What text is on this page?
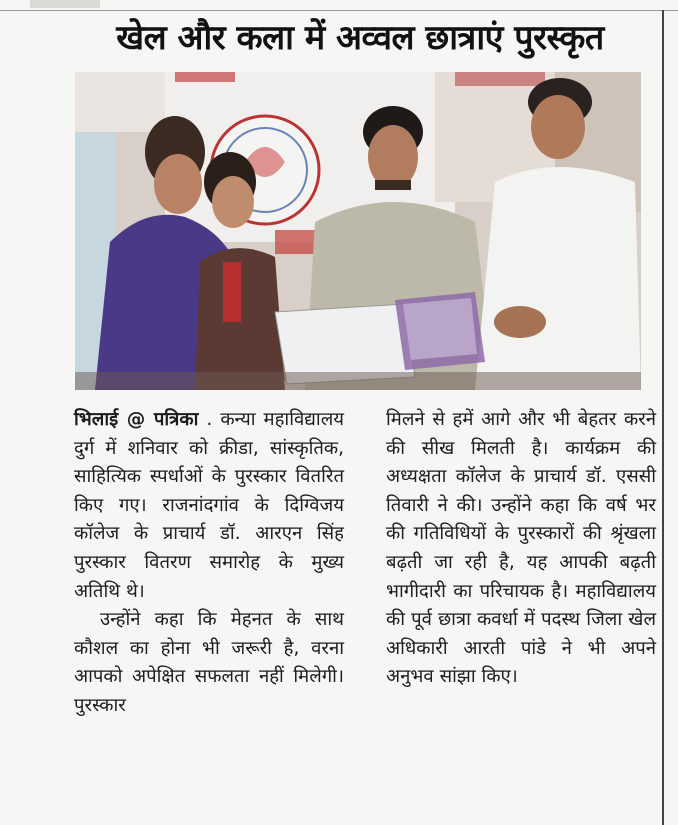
खेल और कला में अव्वल छात्राएं पुरस्कृत

भिलाई @ पत्रिका . कन्या महाविद्यालय दुर्ग में शनिवार को क्रीडा, सांस्कृतिक, साहित्यिक स्पर्धाओं के पुरस्कार वितरित किए गए। राजनांदगांव के दिग्विजय कॉलेज के प्राचार्य डॉ. आरएन सिंह पुरस्कार वितरण समारोह के मुख्य अतिथि थे।

उन्होंने कहा कि मेहनत के साथ कौशल का होना भी जरूरी है, वरना आपको अपेक्षित सफलता नहीं मिलेगी। पुरस्कार

मिलने से हमें आगे और भी बेहतर करने की सीख मिलती है। कार्यक्रम की अध्यक्षता कॉलेज के प्राचार्य डॉ. एससी तिवारी ने की। उन्होंने कहा कि वर्ष भर की गतिविधियों के पुरस्कारों की श्रृंखला बढ़ती जा रही है, यह आपकी बढ़ती भागीदारी का परिचायक है। महाविद्यालय की पूर्व छात्रा कवर्धा में पदस्थ जिला खेल अधिकारी आरती पांडे ने भी अपने अनुभव सांझा किए।
